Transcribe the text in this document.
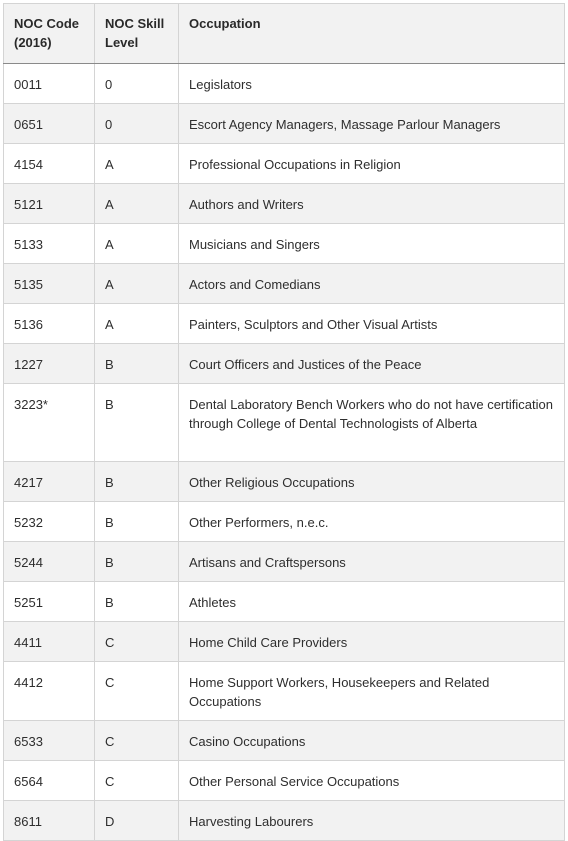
NOC Code (2016)	NOC Skill Level	Occupation
0011	0	Legislators
0651	0	Escort Agency Managers, Massage Parlour Managers
4154	A	Professional Occupations in Religion
5121	A	Authors and Writers
5133	A	Musicians and Singers
5135	A	Actors and Comedians
5136	A	Painters, Sculptors and Other Visual Artists
1227	B	Court Officers and Justices of the Peace
3223*	B	Dental Laboratory Bench Workers who do not have certification through College of Dental Technologists of Alberta
4217	B	Other Religious Occupations
5232	B	Other Performers, n.e.c.
5244	B	Artisans and Craftspersons
5251	B	Athletes
4411	C	Home Child Care Providers
4412	C	Home Support Workers, Housekeepers and Related Occupations
6533	C	Casino Occupations
6564	C	Other Personal Service Occupations
8611	D	Harvesting Labourers
